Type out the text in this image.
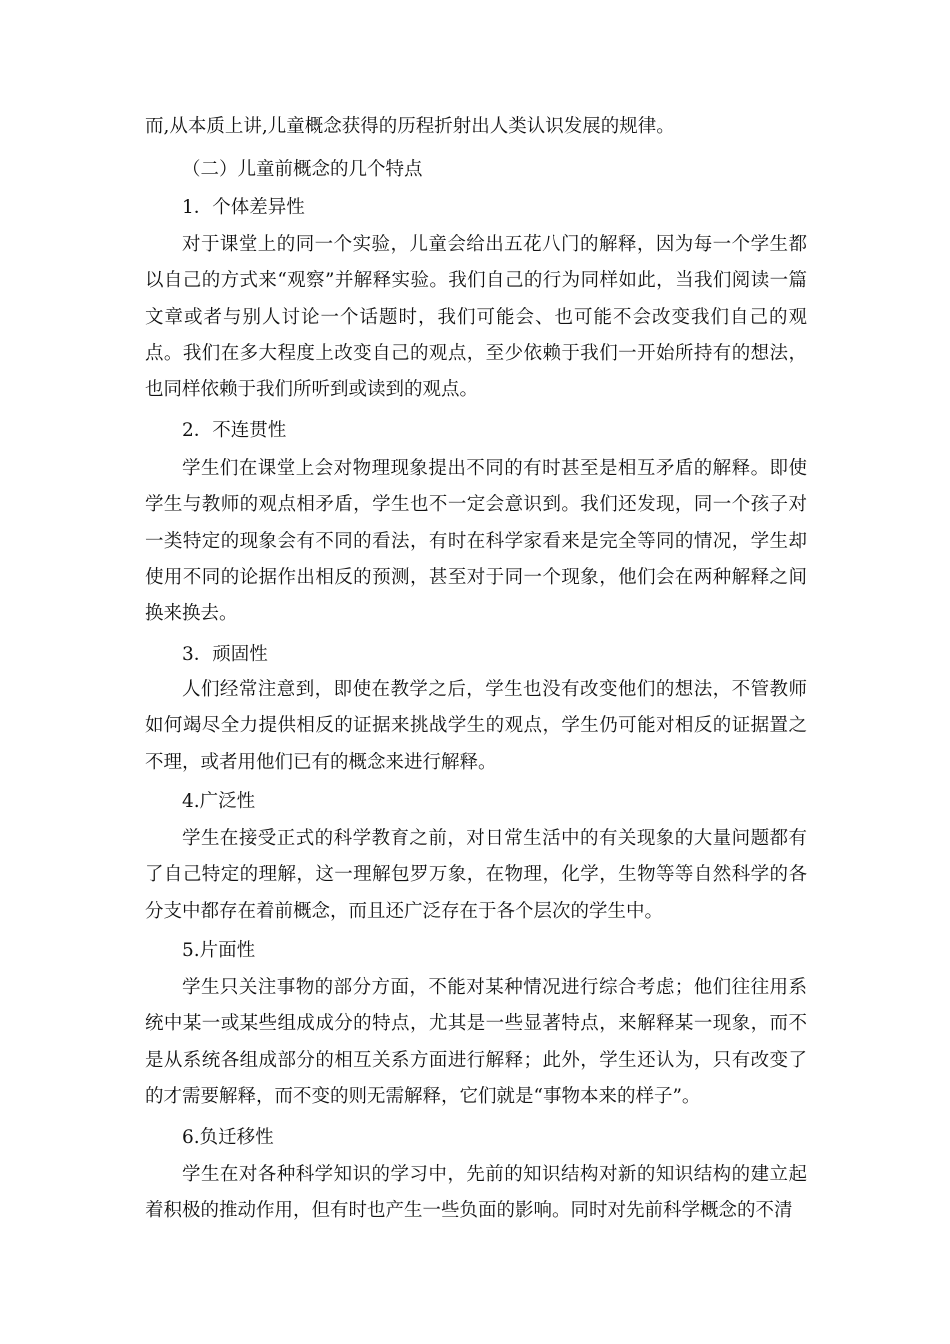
而,从本质上讲,儿童概念获得的历程折射出人类认识发展的规律。

（二）儿童前概念的几个特点

1．个体差异性

对于课堂上的同一个实验，儿童会给出五花八门的解释，因为每一个学生都以自己的方式来“观察”并解释实验。我们自己的行为同样如此，当我们阅读一篇文章或者与别人讨论一个话题时，我们可能会、也可能不会改变我们自己的观点。我们在多大程度上改变自己的观点，至少依赖于我们一开始所持有的想法，也同样依赖于我们所听到或读到的观点。

2．不连贯性

学生们在课堂上会对物理现象提出不同的有时甚至是相互矛盾的解释。即使学生与教师的观点相矛盾，学生也不一定会意识到。我们还发现，同一个孩子对一类特定的现象会有不同的看法，有时在科学家看来是完全等同的情况，学生却使用不同的论据作出相反的预测，甚至对于同一个现象，他们会在两种解释之间换来换去。

3．顽固性

人们经常注意到，即使在教学之后，学生也没有改变他们的想法，不管教师如何竭尽全力提供相反的证据来挑战学生的观点，学生仍可能对相反的证据置之不理，或者用他们已有的概念来进行解释。

4.广泛性

学生在接受正式的科学教育之前，对日常生活中的有关现象的大量问题都有了自己特定的理解，这一理解包罗万象，在物理，化学，生物等等自然科学的各分支中都存在着前概念，而且还广泛存在于各个层次的学生中。

5.片面性

学生只关注事物的部分方面，不能对某种情况进行综合考虑；他们往往用系统中某一或某些组成成分的特点，尤其是一些显著特点，来解释某一现象，而不是从系统各组成部分的相互关系方面进行解释；此外，学生还认为，只有改变了的才需要解释，而不变的则无需解释，它们就是“事物本来的样子”。

6.负迁移性

学生在对各种科学知识的学习中，先前的知识结构对新的知识结构的建立起着积极的推动作用，但有时也产生一些负面的影响。同时对先前科学概念的不清
